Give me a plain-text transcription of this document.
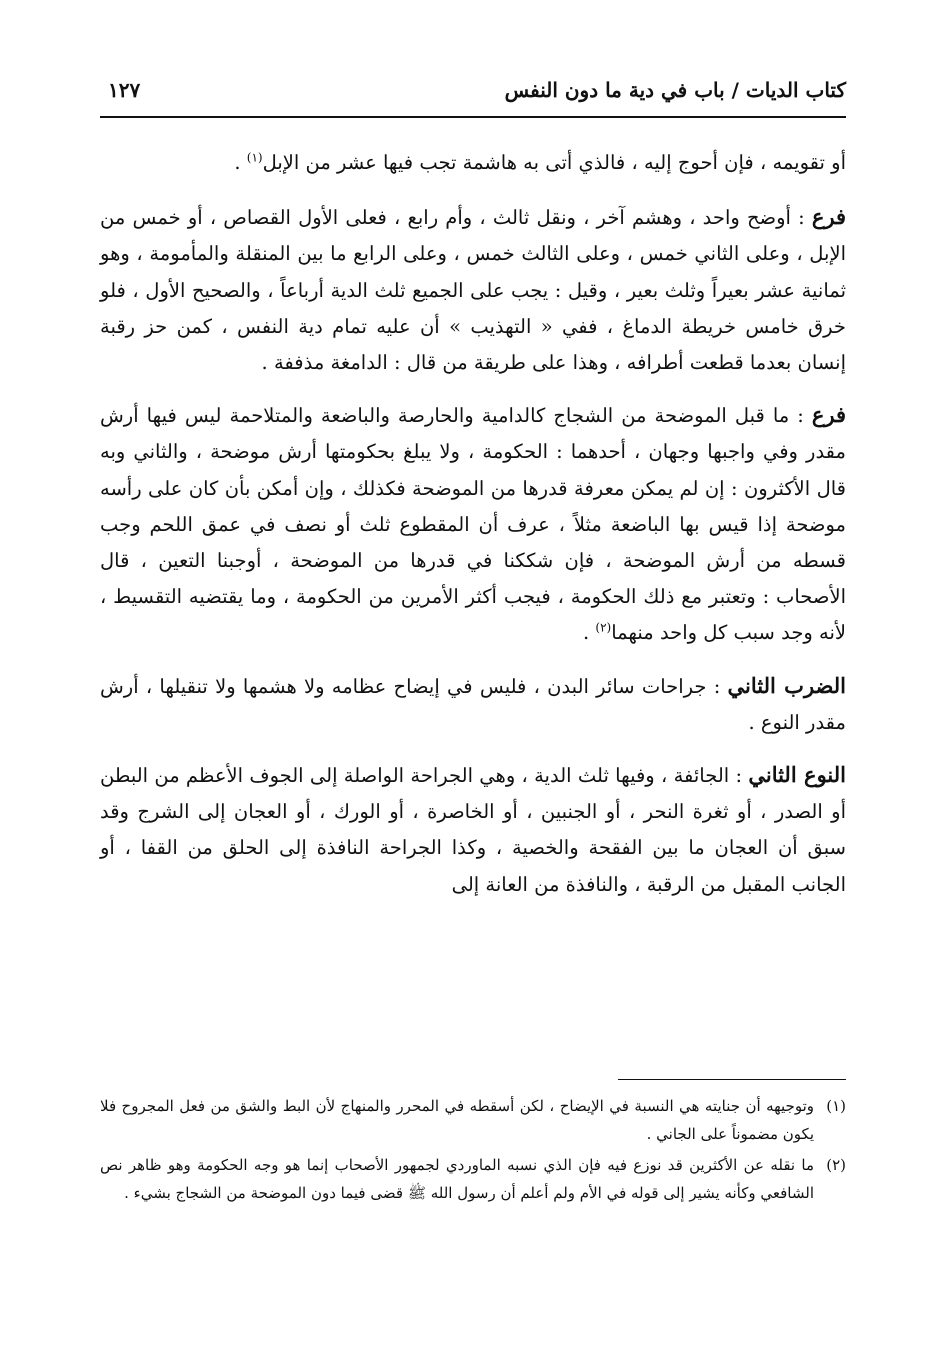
كتاب الديات / باب في دية ما دون النفس
١٢٧

أو تقويمه ، فإن أحوج إليه ، فالذي أتى به هاشمة تجب فيها عشر من الإبل$^{(١)}$ .

فرع : أوضح واحد ، وهشم آخر ، ونقل ثالث ، وأم رابع ، فعلى الأول القصاص ، أو خمس من الإبل ، وعلى الثاني خمس ، وعلى الثالث خمس ، وعلى الرابع ما بين المنقلة والمأمومة ، وهو ثمانية عشر بعيراً وثلث بعير ، وقيل : يجب على الجميع ثلث الدية أرباعاً ، والصحيح الأول ، فلو خرق خامس خريطة الدماغ ، ففي « التهذيب » أن عليه تمام دية النفس ، كمن حز رقبة إنسان بعدما قطعت أطرافه ، وهذا على طريقة من قال : الدامغة مذففة .

فرع : ما قبل الموضحة من الشجاج كالدامية والحارصة والباضعة والمتلاحمة ليس فيها أرش مقدر وفي واجبها وجهان ، أحدهما : الحكومة ، ولا يبلغ بحكومتها أرش موضحة ، والثاني وبه قال الأكثرون : إن لم يمكن معرفة قدرها من الموضحة فكذلك ، وإن أمكن بأن كان على رأسه موضحة إذا قيس بها الباضعة مثلاً ، عرف أن المقطوع ثلث أو نصف في عمق اللحم وجب قسطه من أرش الموضحة ، فإن شككنا في قدرها من الموضحة ، أوجبنا التعين ، قال الأصحاب : وتعتبر مع ذلك الحكومة ، فيجب أكثر الأمرين من الحكومة ، وما يقتضيه التقسيط ، لأنه وجد سبب كل واحد منهما$^{(٢)}$ .

الضرب الثاني : جراحات سائر البدن ، فليس في إيضاح عظامه ولا هشمها ولا تنقيلها ، أرش مقدر النوع .

النوع الثاني : الجائفة ، وفيها ثلث الدية ، وهي الجراحة الواصلة إلى الجوف الأعظم من البطن أو الصدر ، أو ثغرة النحر ، أو الجنبين ، أو الخاصرة ، أو الورك ، أو العجان إلى الشرج وقد سبق أن العجان ما بين الفقحة والخصية ، وكذا الجراحة النافذة إلى الحلق من القفا ، أو الجانب المقبل من الرقبة ، والنافذة من العانة إلى

(١)
وتوجيهه أن جنايته هي النسبة في الإيضاح ، لكن أسقطه في المحرر والمنهاج لأن البط والشق من فعل المجروح فلا يكون مضموناً على الجاني .
(٢)
ما نقله عن الأكثرين قد نوزع فيه فإن الذي نسبه الماوردي لجمهور الأصحاب إنما هو وجه الحكومة وهو ظاهر نص الشافعي وكأنه يشير إلى قوله في الأم ولم أعلم أن رسول الله ﷺ قضى فيما دون الموضحة من الشجاج بشيء .
